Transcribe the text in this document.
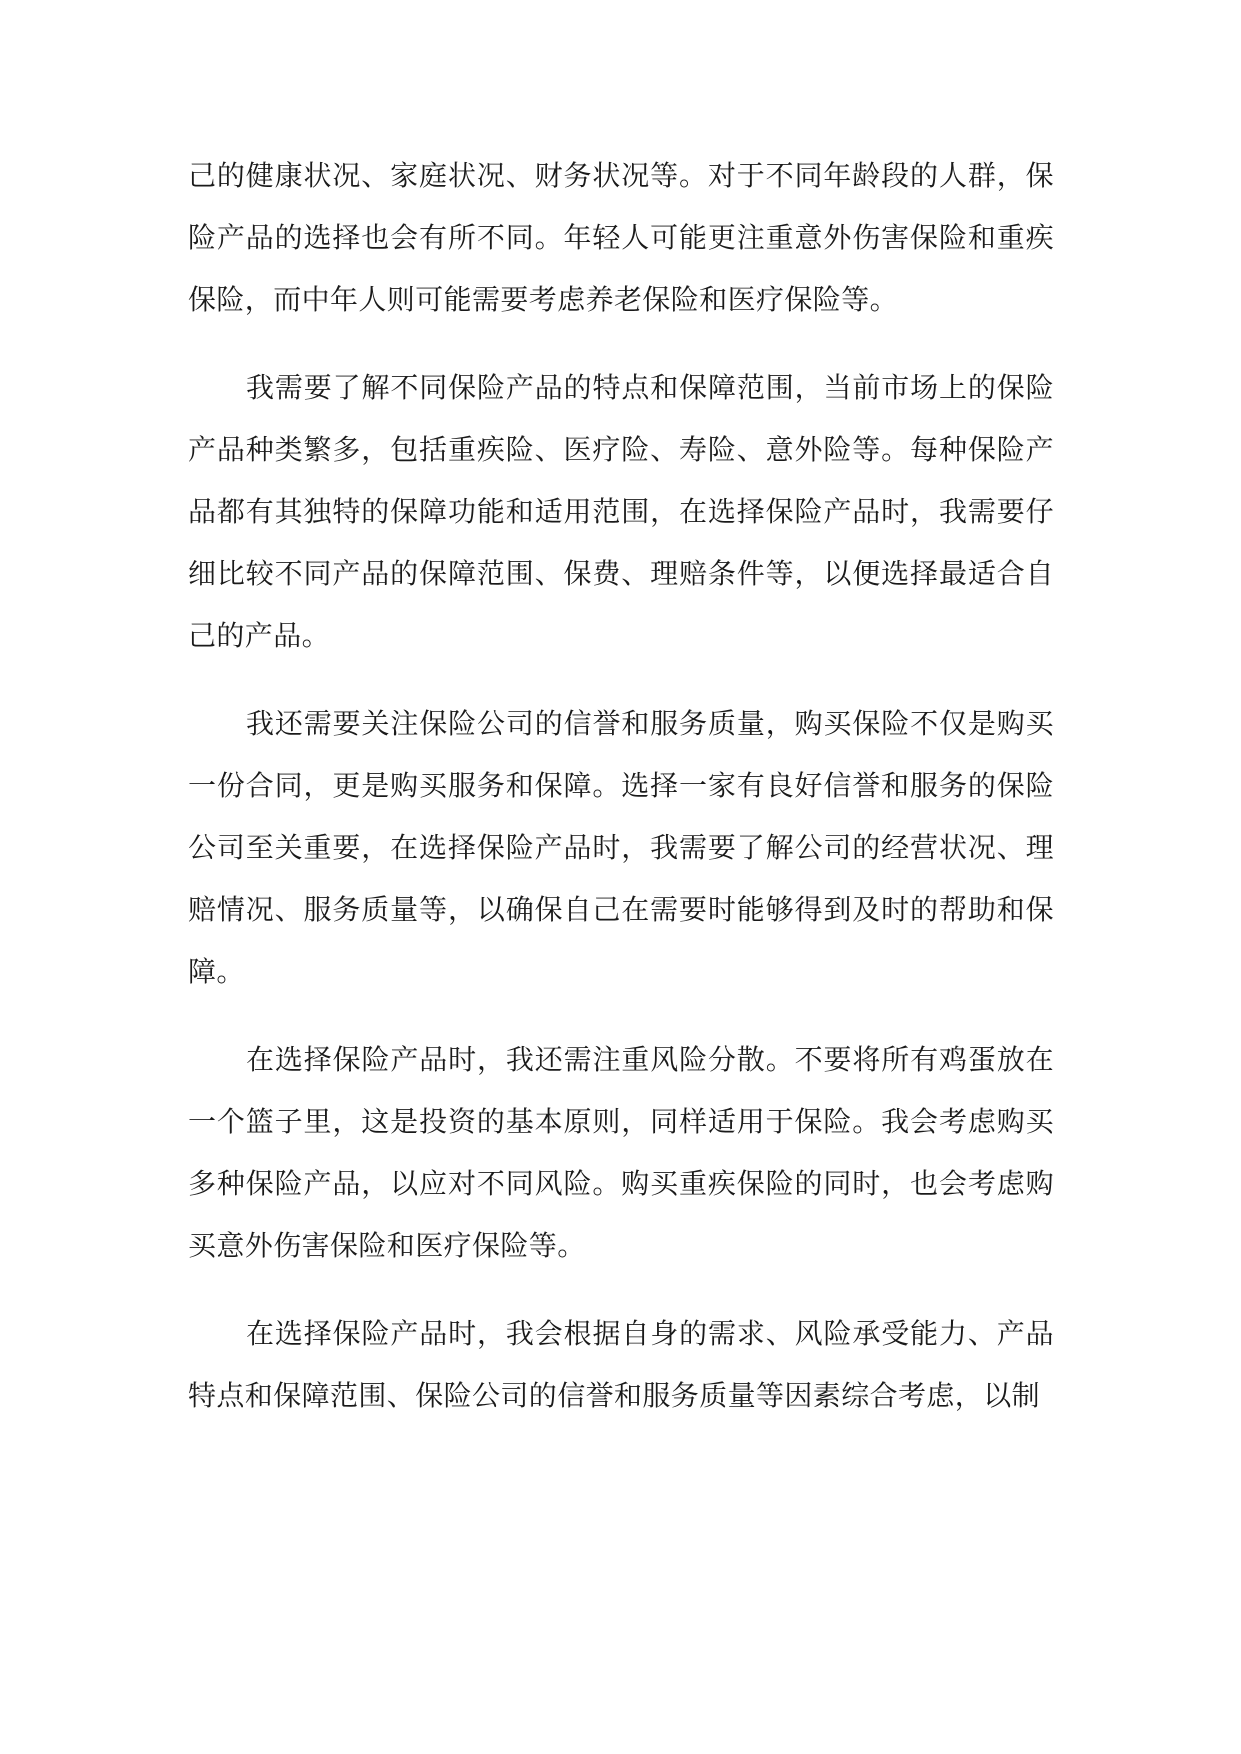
己的健康状况、家庭状况、财务状况等。对于不同年龄段的人群，保险产品的选择也会有所不同。年轻人可能更注重意外伤害保险和重疾保险，而中年人则可能需要考虑养老保险和医疗保险等。

我需要了解不同保险产品的特点和保障范围，当前市场上的保险产品种类繁多，包括重疾险、医疗险、寿险、意外险等。每种保险产品都有其独特的保障功能和适用范围，在选择保险产品时，我需要仔细比较不同产品的保障范围、保费、理赔条件等，以便选择最适合自己的产品。

我还需要关注保险公司的信誉和服务质量，购买保险不仅是购买一份合同，更是购买服务和保障。选择一家有良好信誉和服务的保险公司至关重要，在选择保险产品时，我需要了解公司的经营状况、理赔情况、服务质量等，以确保自己在需要时能够得到及时的帮助和保障。

在选择保险产品时，我还需注重风险分散。不要将所有鸡蛋放在一个篮子里，这是投资的基本原则，同样适用于保险。我会考虑购买多种保险产品，以应对不同风险。购买重疾保险的同时，也会考虑购买意外伤害保险和医疗保险等。

在选择保险产品时，我会根据自身的需求、风险承受能力、产品特点和保障范围、保险公司的信誉和服务质量等因素综合考虑，以制
